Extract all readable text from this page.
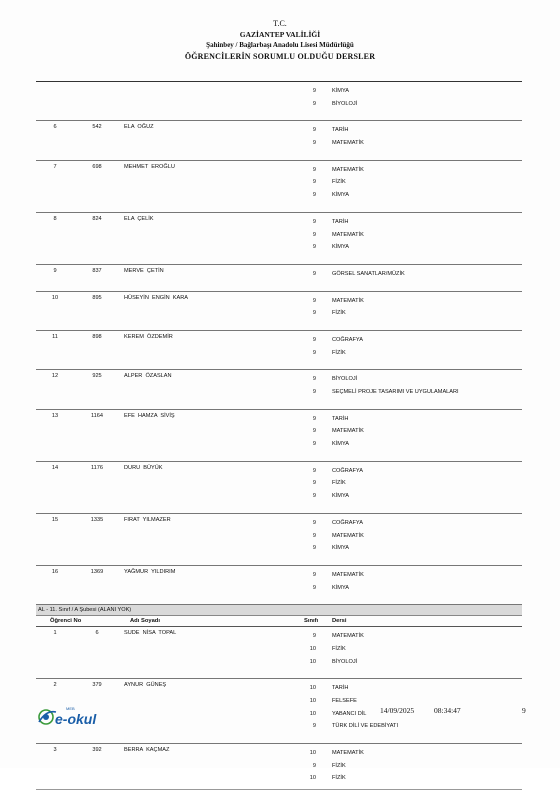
T.C.
GAZİANTEP VALİLİĞİ
Şahinbey / Bağlarbaşı Anadolu Lisesi Müdürlüğü
ÖĞRENCİLERİN SORUMLU OLDUĞU DERSLER

			9 KİMYA
9 BİYOLOJİ

6	542	ELA  OĞUZ	9 TARİH
9 MATEMATİK

7	698	MEHMET  EROĞLU	9 MATEMATİK
9 FİZİK
9 KİMYA

8	824	ELA  ÇELİK	9 TARİH
9 MATEMATİK
9 KİMYA

9	837	MERVE  ÇETİN	9 GÖRSEL SANATLAR/MÜZİK

10	895	HÜSEYİN  ENGİN  KARA	9 MATEMATİK
9 FİZİK

11	898	KEREM  ÖZDEMİR	9 COĞRAFYA
9 FİZİK

12	925	ALPER  ÖZASLAN	9 BİYOLOJİ
9 SEÇMELİ PROJE TASARIMI VE UYGULAMALARI

13	1164	EFE  HAMZA  SİVİŞ	9 TARİH
9 MATEMATİK
9 KİMYA

14	1176	DURU  BÜYÜK	9 COĞRAFYA
9 FİZİK
9 KİMYA

15	1335	FIRAT  YILMAZER	9 COĞRAFYA
9 MATEMATİK
9 KİMYA

16	1369	YAĞMUR  YILDIRIM	9 MATEMATİK
9 KİMYA

AL - 11. Sınıf / A Şubesi (ALANI YOK)			
Öğrenci No		Adı Soyadı	Sınıfı Dersi
1	6	SUDE  NİSA  TOPAL	9 MATEMATİK
10 FİZİK
10 BİYOLOJİ

2	379	AYNUR  GÜNEŞ	10 TARİH
10 FELSEFE
10 YABANCI DİL
9 TÜRK DİLİ VE EDEBİYATI

3	392	BERRA  KAÇMAZ	10 MATEMATİK
9 FİZİK
10 FİZİK
MEB
e-okul
14/09/2025	08:34:47	9
